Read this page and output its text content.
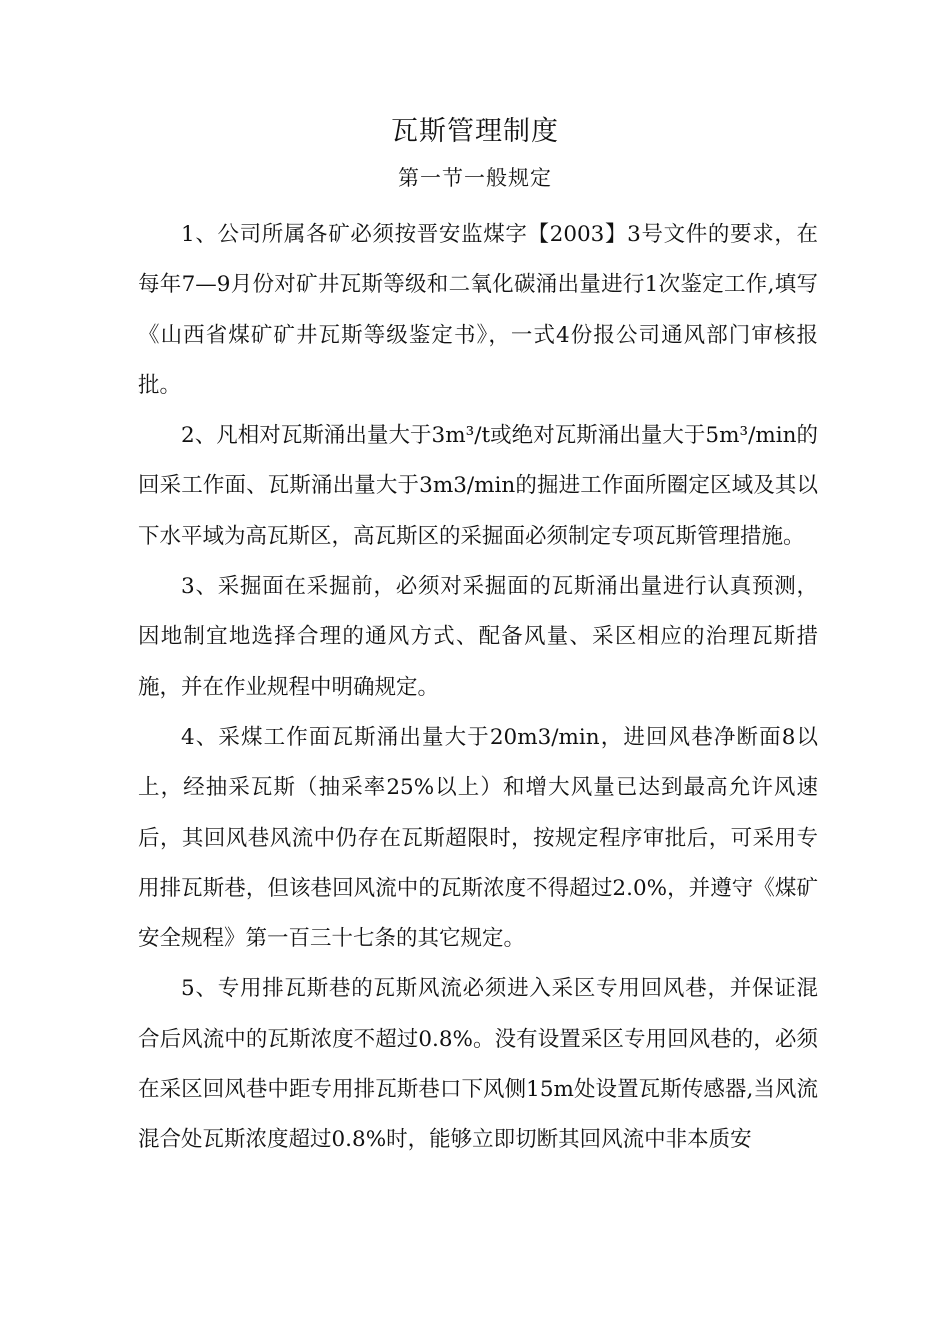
瓦斯管理制度
第一节一般规定

1、公司所属各矿必须按晋安监煤字【2003】3号文件的要求，在每年7—9月份对矿井瓦斯等级和二氧化碳涌出量进行1次鉴定工作,填写《山西省煤矿矿井瓦斯等级鉴定书》，一式4份报公司通风部门审核报批。

2、凡相对瓦斯涌出量大于3m³/t或绝对瓦斯涌出量大于5m³/min的回采工作面、瓦斯涌出量大于3m3/min的掘进工作面所圈定区域及其以下水平域为高瓦斯区，高瓦斯区的采掘面必须制定专项瓦斯管理措施。

3、采掘面在采掘前，必须对采掘面的瓦斯涌出量进行认真预测，因地制宜地选择合理的通风方式、配备风量、采区相应的治理瓦斯措施，并在作业规程中明确规定。

4、采煤工作面瓦斯涌出量大于20m3/min，进回风巷净断面8以上，经抽采瓦斯（抽采率25%以上）和增大风量已达到最高允许风速后，其回风巷风流中仍存在瓦斯超限时，按规定程序审批后，可采用专用排瓦斯巷，但该巷回风流中的瓦斯浓度不得超过2.0%，并遵守《煤矿安全规程》第一百三十七条的其它规定。

5、专用排瓦斯巷的瓦斯风流必须进入采区专用回风巷，并保证混合后风流中的瓦斯浓度不超过0.8%。没有设置采区专用回风巷的，必须在采区回风巷中距专用排瓦斯巷口下风侧15m处设置瓦斯传感器,当风流混合处瓦斯浓度超过0.8%时，能够立即切断其回风流中非本质安
